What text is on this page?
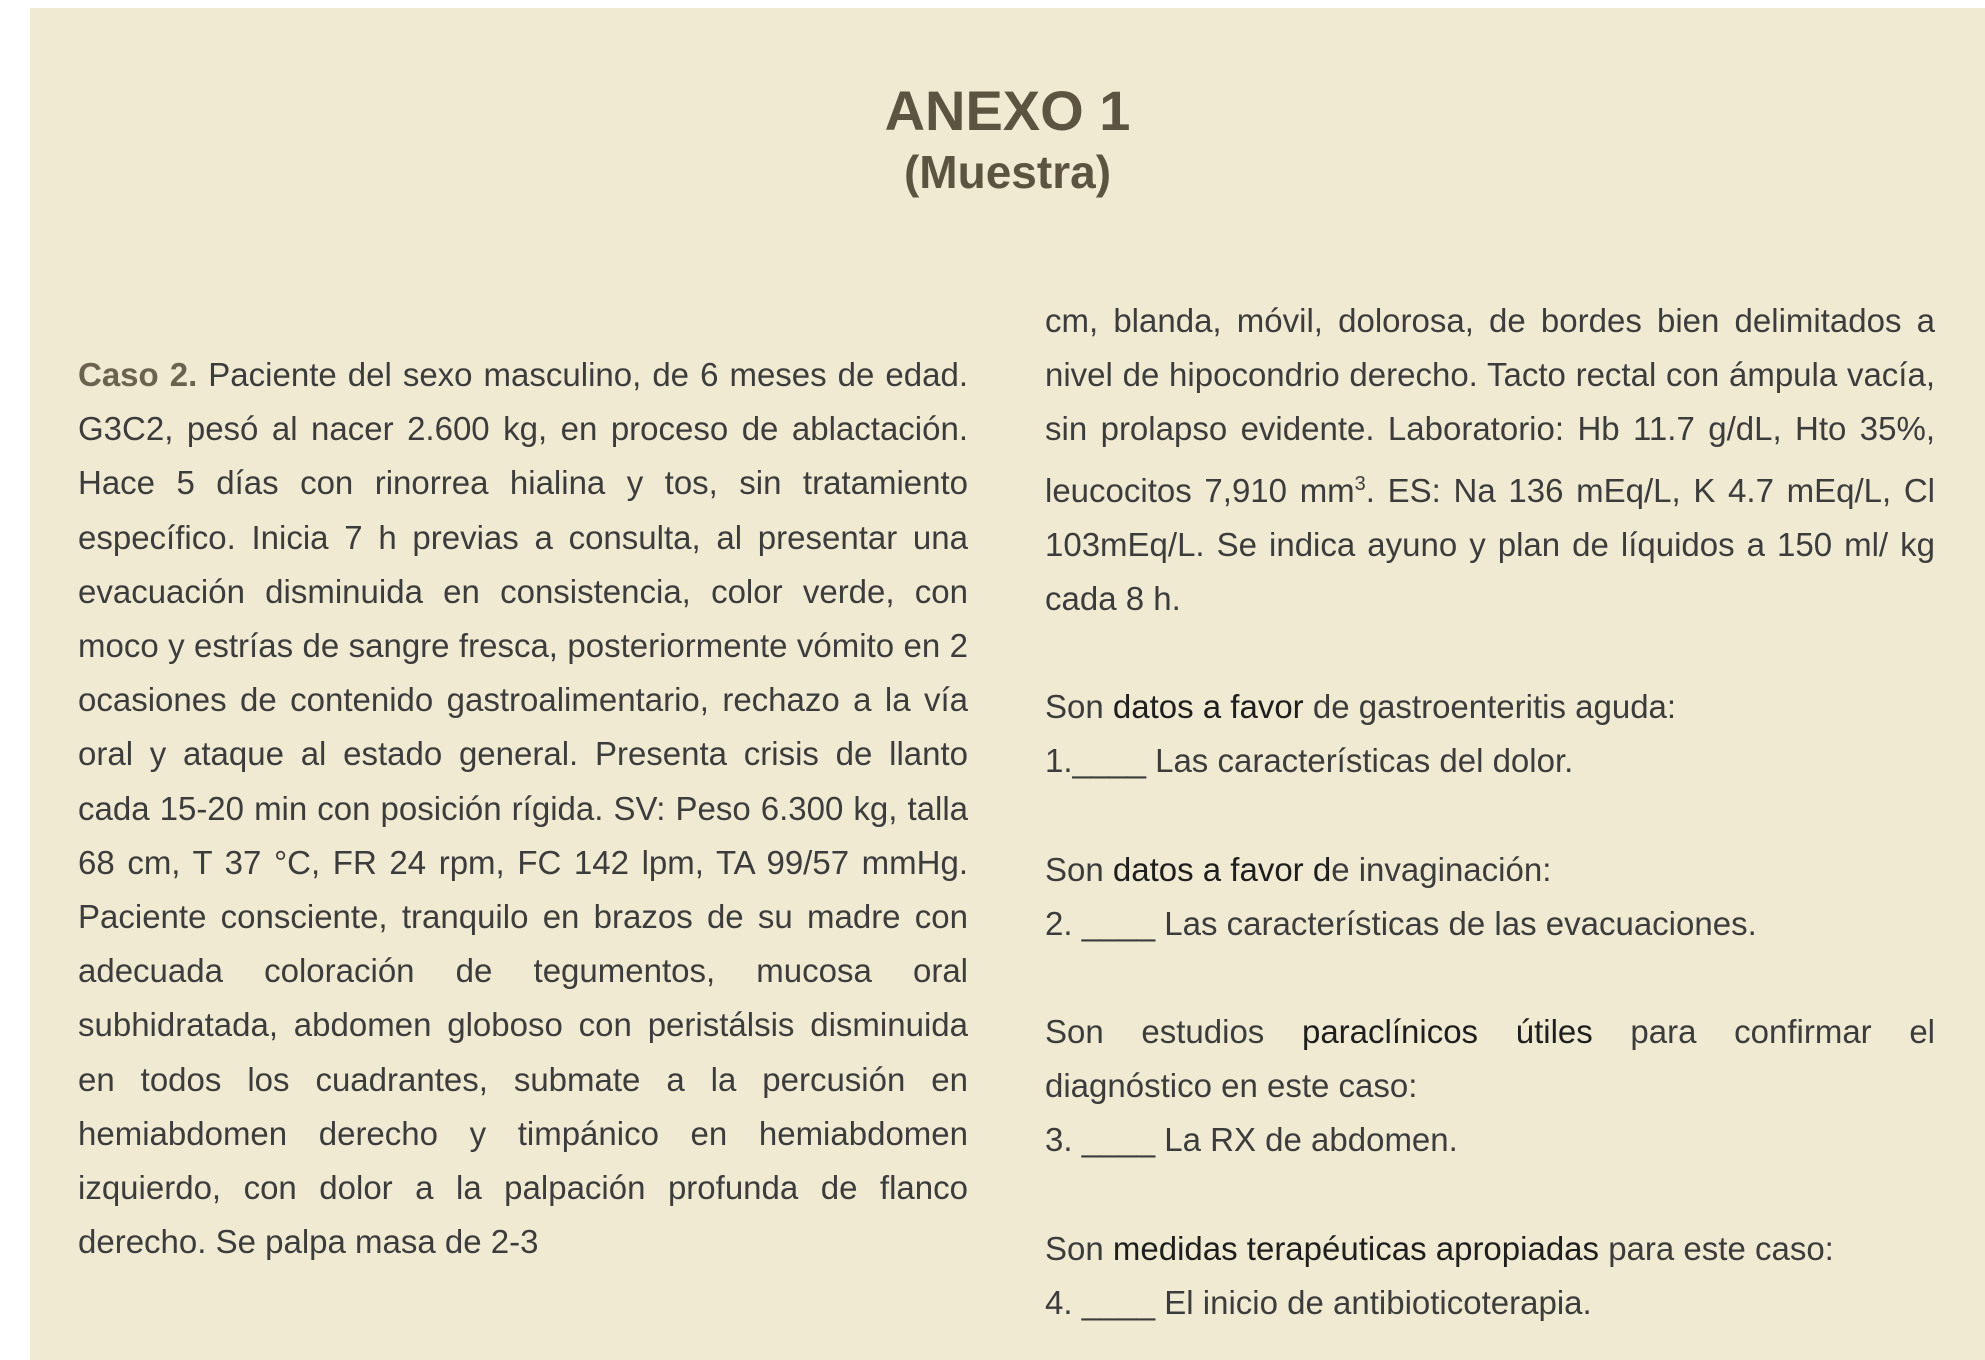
ANEXO 1
(Muestra)

Caso 2. Paciente del sexo masculino, de 6 meses de edad. G3C2, pesó al nacer 2.600 kg, en proceso de ablactación. Hace 5 días con rinorrea hialina y tos, sin tratamiento específico. Inicia 7 h previas a consulta, al presentar una evacuación disminuida en consistencia, color verde, con moco y estrías de sangre fresca, posteriormente vómito en 2 ocasiones de contenido gastroalimentario, rechazo a la vía oral y ataque al estado general. Presenta crisis de llanto cada 15-20 min con posición rígida. SV: Peso 6.300 kg, talla 68 cm, T 37 °C, FR 24 rpm, FC 142 lpm, TA 99/57 mmHg. Paciente consciente, tranquilo en brazos de su madre con adecuada coloración de tegumentos, mucosa oral subhidratada, abdomen globoso con peristálsis disminuida en todos los cuadrantes, submate a la percusión en hemiabdomen derecho y timpánico en hemiabdomen izquierdo, con dolor a la palpación profunda de flanco derecho. Se palpa masa de 2-3

cm, blanda, móvil, dolorosa, de bordes bien delimitados a nivel de hipocondrio derecho. Tacto rectal con ámpula vacía, sin prolapso evidente. Laboratorio: Hb 11.7 g/dL, Hto 35%, leucocitos 7,910 $mm^3$. ES: Na 136 mEq/L, K 4.7 mEq/L, Cl 103mEq/L. Se indica ayuno y plan de líquidos a 150 ml/ kg cada 8 h.

Son datos a favor de gastroenteritis aguda:

1.____ Las características del dolor.

Son datos a favor de invaginación:

2. ____ Las características de las evacuaciones.

Son estudios paraclínicos útiles para confirmar el diagnóstico en este caso:

3. ____ La RX de abdomen.

Son medidas terapéuticas apropiadas para este caso:

4. ____ El inicio de antibioticoterapia.
